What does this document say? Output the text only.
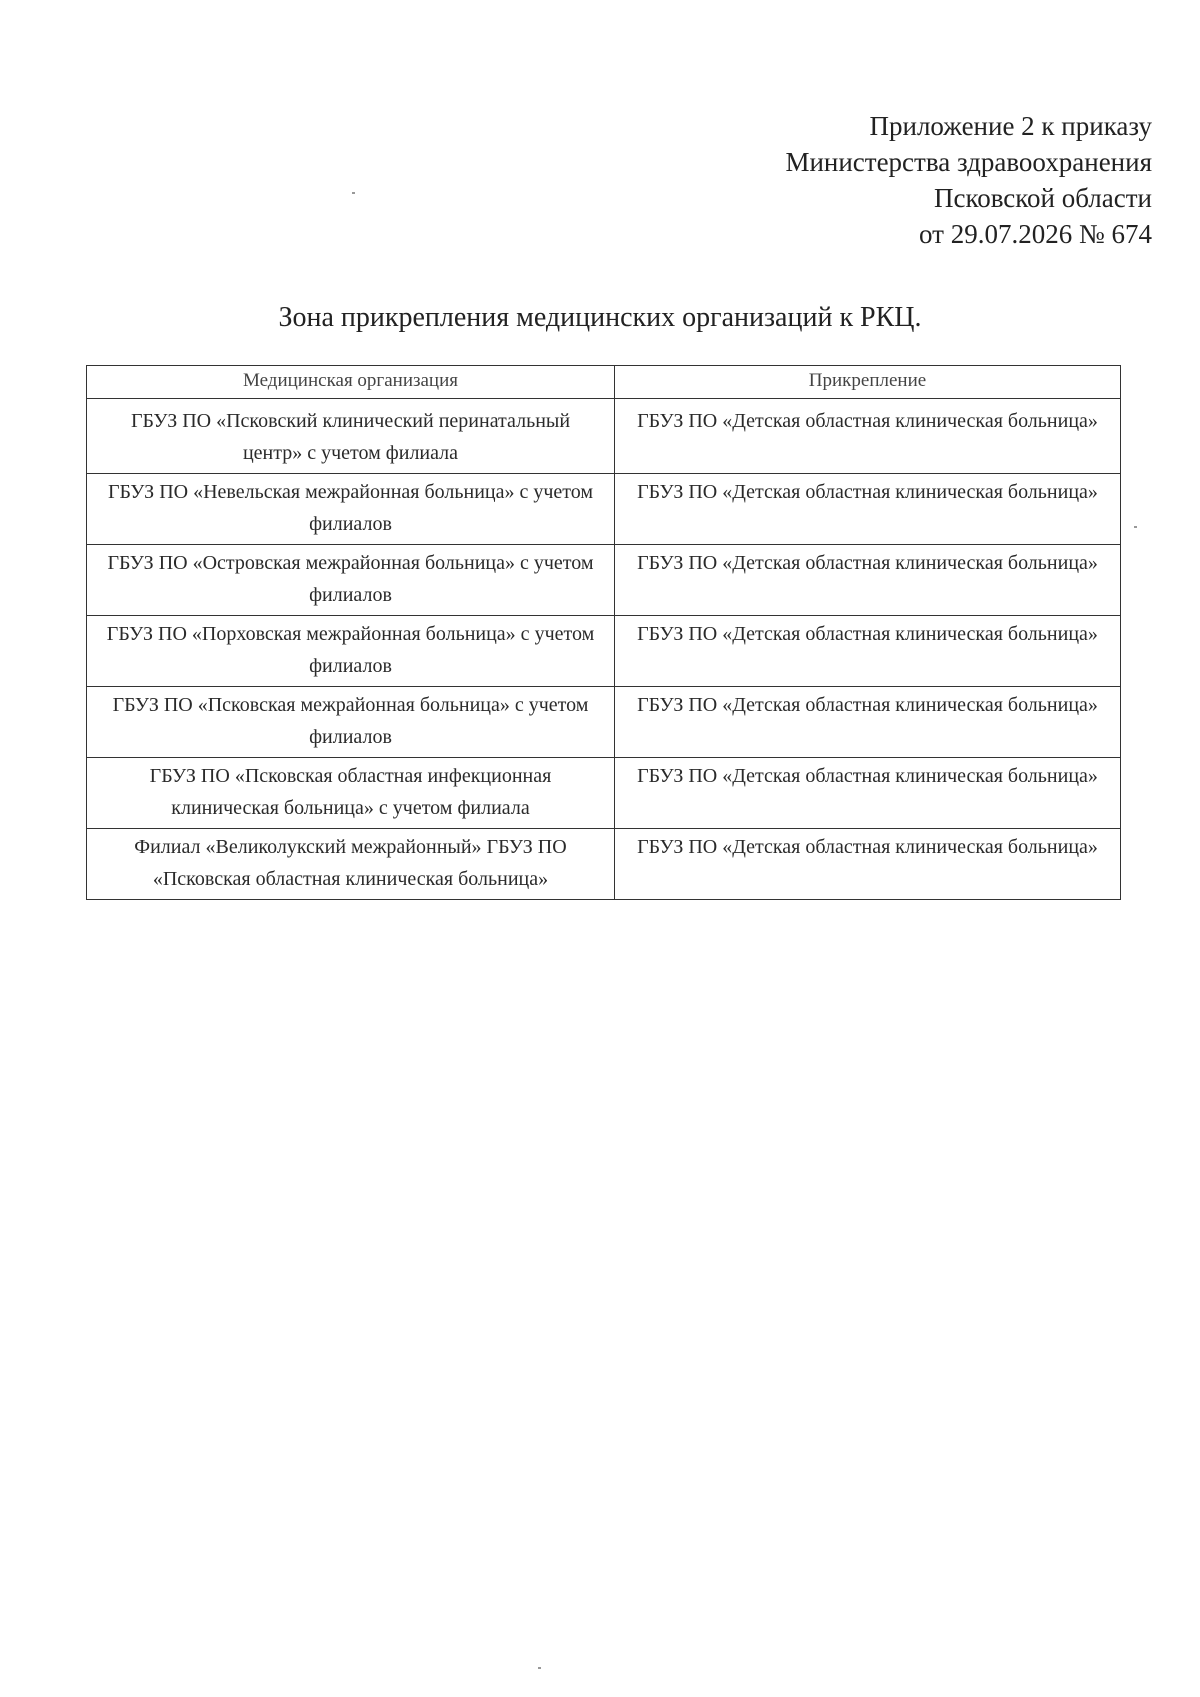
Приложение 2 к приказу
Министерства здравоохранения
Псковской области
от 29.07.2026 № 674
Зона прикрепления медицинских организаций к РКЦ.
Медицинская организация	Прикрепление
ГБУЗ ПО «Псковский клинический перинатальный центр» с учетом филиала	ГБУЗ ПО «Детская областная клиническая больница»
ГБУЗ ПО «Невельская межрайонная больница» с учетом филиалов	ГБУЗ ПО «Детская областная клиническая больница»
ГБУЗ ПО «Островская межрайонная больница» с учетом филиалов	ГБУЗ ПО «Детская областная клиническая больница»
ГБУЗ ПО «Порховская межрайонная больница» с учетом филиалов	ГБУЗ ПО «Детская областная клиническая больница»
ГБУЗ ПО «Псковская межрайонная больница» с учетом филиалов	ГБУЗ ПО «Детская областная клиническая больница»
ГБУЗ ПО «Псковская областная инфекционная клиническая больница» с учетом филиала	ГБУЗ ПО «Детская областная клиническая больница»
Филиал «Великолукский межрайонный» ГБУЗ ПО «Псковская областная клиническая больница»	ГБУЗ ПО «Детская областная клиническая больница»
